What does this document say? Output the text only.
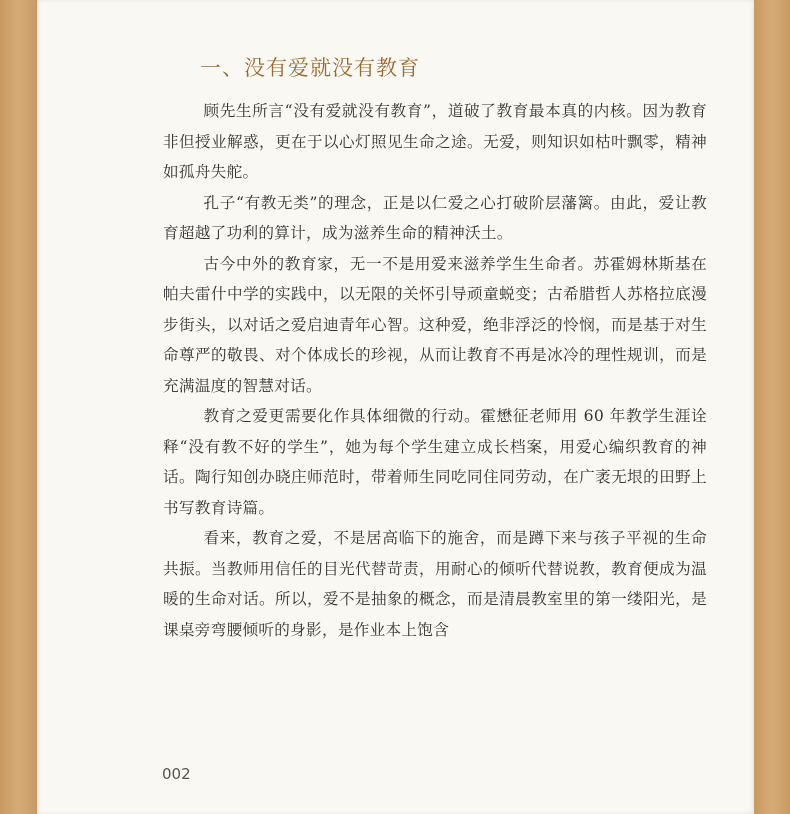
一、没有爱就没有教育

顾先生所言“没有爱就没有教育”，道破了教育最本真的内核。因为教育非但授业解惑，更在于以心灯照见生命之途。无爱，则知识如枯叶飘零，精神如孤舟失舵。

孔子“有教无类”的理念，正是以仁爱之心打破阶层藩篱。由此，爱让教育超越了功利的算计，成为滋养生命的精神沃土。

古今中外的教育家，无一不是用爱来滋养学生生命者。苏霍姆林斯基在帕夫雷什中学的实践中，以无限的关怀引导顽童蜕变；古希腊哲人苏格拉底漫步街头，以对话之爱启迪青年心智。这种爱，绝非浮泛的怜悯，而是基于对生命尊严的敬畏、对个体成长的珍视，从而让教育不再是冰冷的理性规训，而是充满温度的智慧对话。

教育之爱更需要化作具体细微的行动。霍懋征老师用 60 年教学生涯诠释“没有教不好的学生”，她为每个学生建立成长档案，用爱心编织教育的神话。陶行知创办晓庄师范时，带着师生同吃同住同劳动，在广袤无垠的田野上书写教育诗篇。

看来，教育之爱，不是居高临下的施舍，而是蹲下来与孩子平视的生命共振。当教师用信任的目光代替苛责，用耐心的倾听代替说教，教育便成为温暖的生命对话。所以，爱不是抽象的概念，而是清晨教室里的第一缕阳光，是课桌旁弯腰倾听的身影，是作业本上饱含

002
